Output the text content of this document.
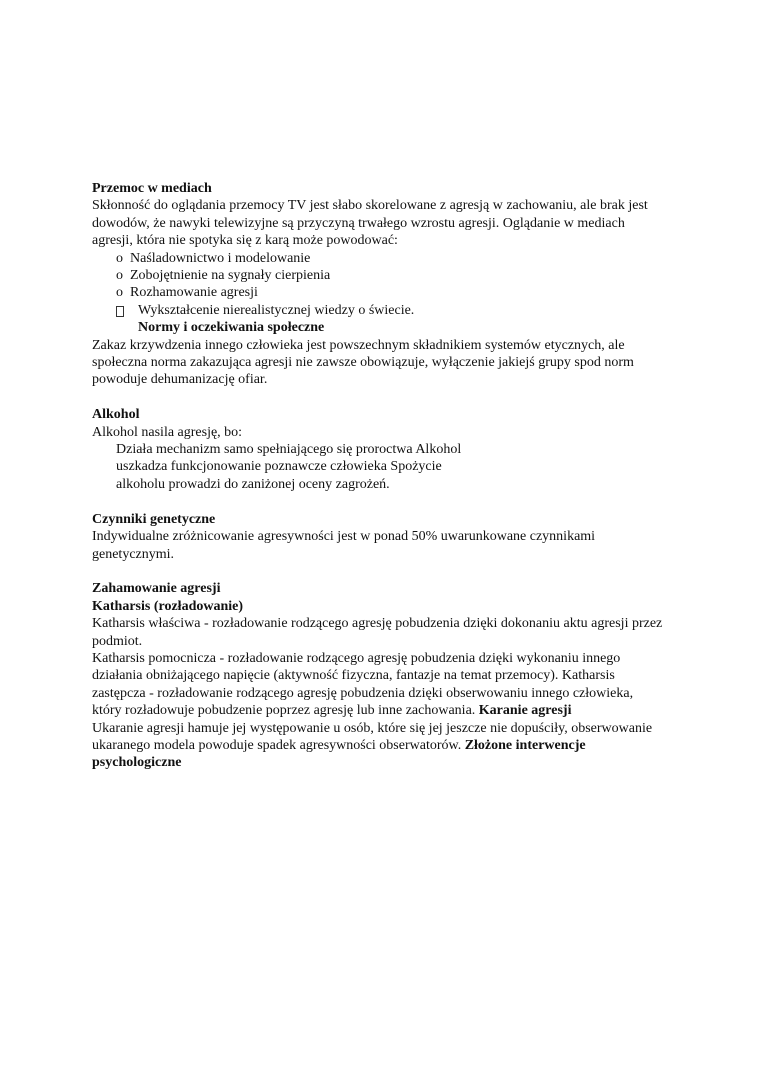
Przemoc w mediach

Skłonność do oglądania przemocy TV jest słabo skorelowane z agresją w zachowaniu, ale brak jest

dowodów, że nawyki telewizyjne są przyczyną trwałego wzrostu agresji. Oglądanie w mediach

agresji, która nie spotyka się z karą może powodować:

o Naśladownictwo i modelowanie

o Zobojętnienie na sygnały cierpienia

o Rozhamowanie agresji

Wykształcenie nierealistycznej wiedzy o świecie.

Normy i oczekiwania społeczne

Zakaz krzywdzenia innego człowieka jest powszechnym składnikiem systemów etycznych, ale

społeczna norma zakazująca agresji nie zawsze obowiązuje, wyłączenie jakiejś grupy spod norm

powoduje dehumanizację ofiar.

Alkohol

Alkohol nasila agresję, bo:

Działa mechanizm samo spełniającego się proroctwa Alkohol

uszkadza funkcjonowanie poznawcze człowieka Spożycie

alkoholu prowadzi do zaniżonej oceny zagrożeń.

Czynniki genetyczne

Indywidualne zróżnicowanie agresywności jest w ponad 50% uwarunkowane czynnikami

genetycznymi.

Zahamowanie agresji

Katharsis (rozładowanie)

Katharsis właściwa - rozładowanie rodzącego agresję pobudzenia dzięki dokonaniu aktu agresji przez

podmiot.

Katharsis pomocnicza - rozładowanie rodzącego agresję pobudzenia dzięki wykonaniu innego

działania obniżającego napięcie (aktywność fizyczna, fantazje na temat przemocy). Katharsis

zastępcza - rozładowanie rodzącego agresję pobudzenia dzięki obserwowaniu innego człowieka,

który rozładowuje pobudzenie poprzez agresję lub inne zachowania. Karanie agresji

Ukaranie agresji hamuje jej występowanie u osób, które się jej jeszcze nie dopuściły, obserwowanie

ukaranego modela powoduje spadek agresywności obserwatorów. Złożone interwencje

psychologiczne
